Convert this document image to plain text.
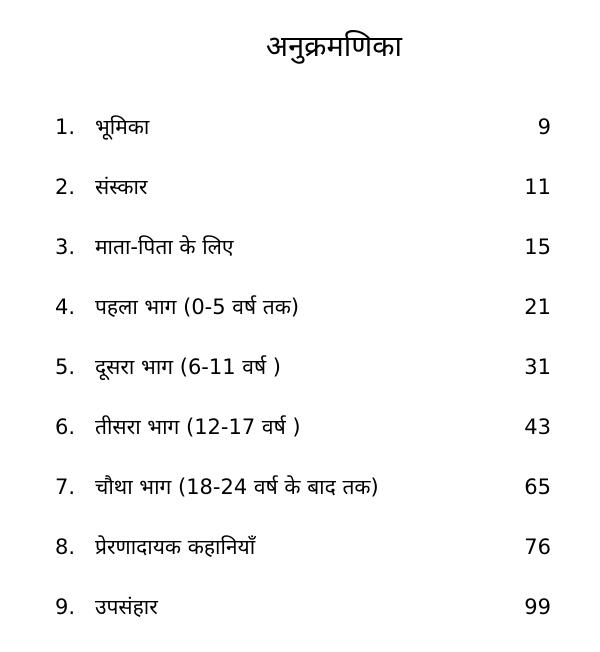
अनुक्रमणिका
1. भूमिका	9
2. संस्कार	11
3. माता-पिता के लिए	15
4. पहला भाग (0-5 वर्ष तक)	21
5. दूसरा भाग (6-11 वर्ष )	31
6. तीसरा भाग (12-17 वर्ष )	43
7. चौथा भाग (18-24 वर्ष के बाद तक)	65
8. प्रेरणादायक कहानियाँ	76
9. उपसंहार	99
